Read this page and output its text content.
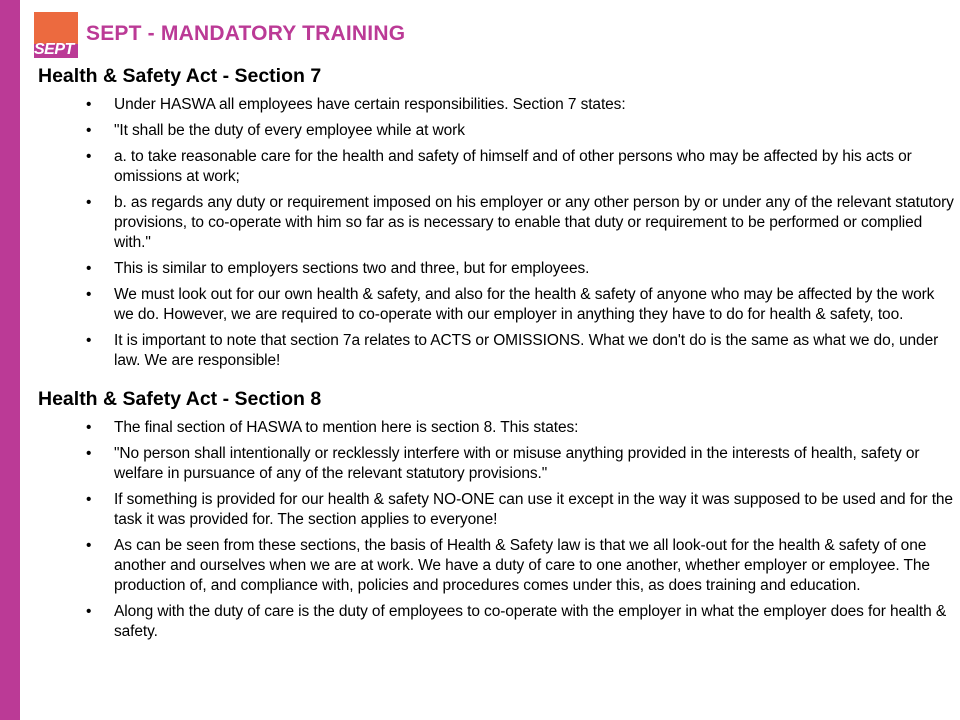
SEPT
SEPT - MANDATORY TRAINING
Health & Safety Act - Section 7
• Under HASWA all employees have certain responsibilities. Section 7 states:
• "It shall be the duty of every employee while at work
• a. to take reasonable care for the health and safety of himself and of other persons who may be affected by his acts or omissions at work;
• b. as regards any duty or requirement imposed on his employer or any other person by or under any of the relevant statutory provisions, to co-operate with him so far as is necessary to enable that duty or requirement to be performed or complied with."
• This is similar to employers sections two and three, but for employees.
• We must look out for our own health & safety, and also for the health & safety of anyone who may be affected by the work we do. However, we are required to co-operate with our employer in anything they have to do for health & safety, too.
• It is important to note that section 7a relates to ACTS or OMISSIONS. What we don't do is the same as what we do, under law. We are responsible!
Health & Safety Act - Section 8
• The final section of HASWA to mention here is section 8. This states:
• "No person shall intentionally or recklessly interfere with or misuse anything provided in the interests of health, safety or welfare in pursuance of any of the relevant statutory provisions."
• If something is provided for our health & safety NO-ONE can use it except in the way it was supposed to be used and for the task it was provided for. The section applies to everyone!
• As can be seen from these sections, the basis of Health & Safety law is that we all look-out for the health & safety of one another and ourselves when we are at work. We have a duty of care to one another, whether employer or employee. The production of, and compliance with, policies and procedures comes under this, as does training and education.
• Along with the duty of care is the duty of employees to co-operate with the employer in what the employer does for health & safety.
